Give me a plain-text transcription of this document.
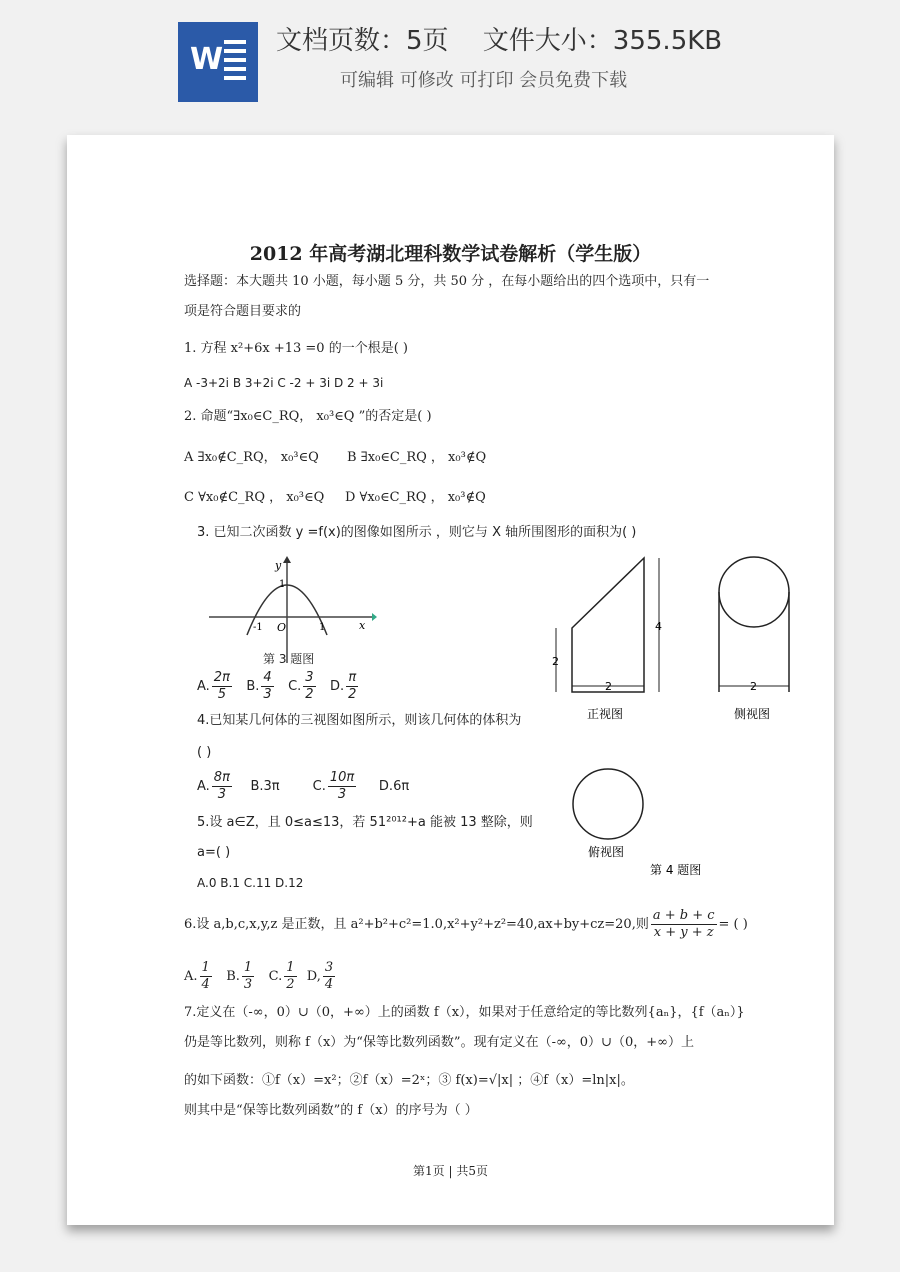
W
文档页数：5页　 文件大小：355.5KB
可编辑 可修改 可打印 会员免费下载
2012 年高考湖北理科数学试卷解析（学生版）
选择题：本大题共 10 小题，每小题 5 分，共 50 分 ，在每小题给出的四个选项中，只有一
项是符合题目要求的
1. 方程 x²+6x +13 =0 的一个根是( )
A -3+2i B 3+2i C -2 + 3i D 2 + 3i
2. 命题“∃x₀∈C_RQ， x₀³∈Q ”的否定是( )
A ∃x₀∉C_RQ， x₀³∈Q B ∃x₀∈C_RQ ， x₀³∉Q
C ∀x₀∉C_RQ ， x₀³∈Q D ∀x₀∈C_RQ ， x₀³∉Q
3. 已知二次函数 y =f(x)的图像如图所示 ，则它与 X 轴所围图形的面积为( )
y
x
1
-1 O	1
第 3 题图
A. $\frac{2\pi}{5} B$. $\frac{4}{3} C$. $\frac{3}{2} D$. $\frac{\pi}{2}$
4.已知某几何体的三视图如图所示，则该几何体的体积为
( )
A. $\frac{8\pi}{3} B.3\pi$	C. $\frac{10\pi}{3} D.6\pi$
2
4
2
正视图
2
侧视图
俯视图
第 4 题图
5.设 a∈Z，且 0≤a≤13，若 51²⁰¹²+a 能被 13 整除，则
a=( )
A.0 B.1 C.11 D.12
6.设 a,b,c,x,y,z 是正数，且 a²+b²+c²=1.0,x²+y²+z²=40,ax+by+cz=20,则 $\frac{a + b + c}{x + y + z}$ = ( )
A. $\frac{1}{4} B$. $\frac{1}{3} C$. $\frac{1}{2} D$, $\frac{3}{4}$
7.定义在（-∞，0）∪（0，+∞）上的函数 f（x），如果对于任意给定的等比数列{aₙ}，{f（aₙ）}
仍是等比数列，则称 f（x）为“保等比数列函数”。现有定义在（-∞，0）∪（0，+∞）上
的如下函数：①f（x）=x²；②f（x）=2ˣ；③ f(x)=√|x| ；④f（x）=ln|x|。
则其中是“保等比数列函数”的 f（x）的序号为（ ）
第1页 | 共5页
